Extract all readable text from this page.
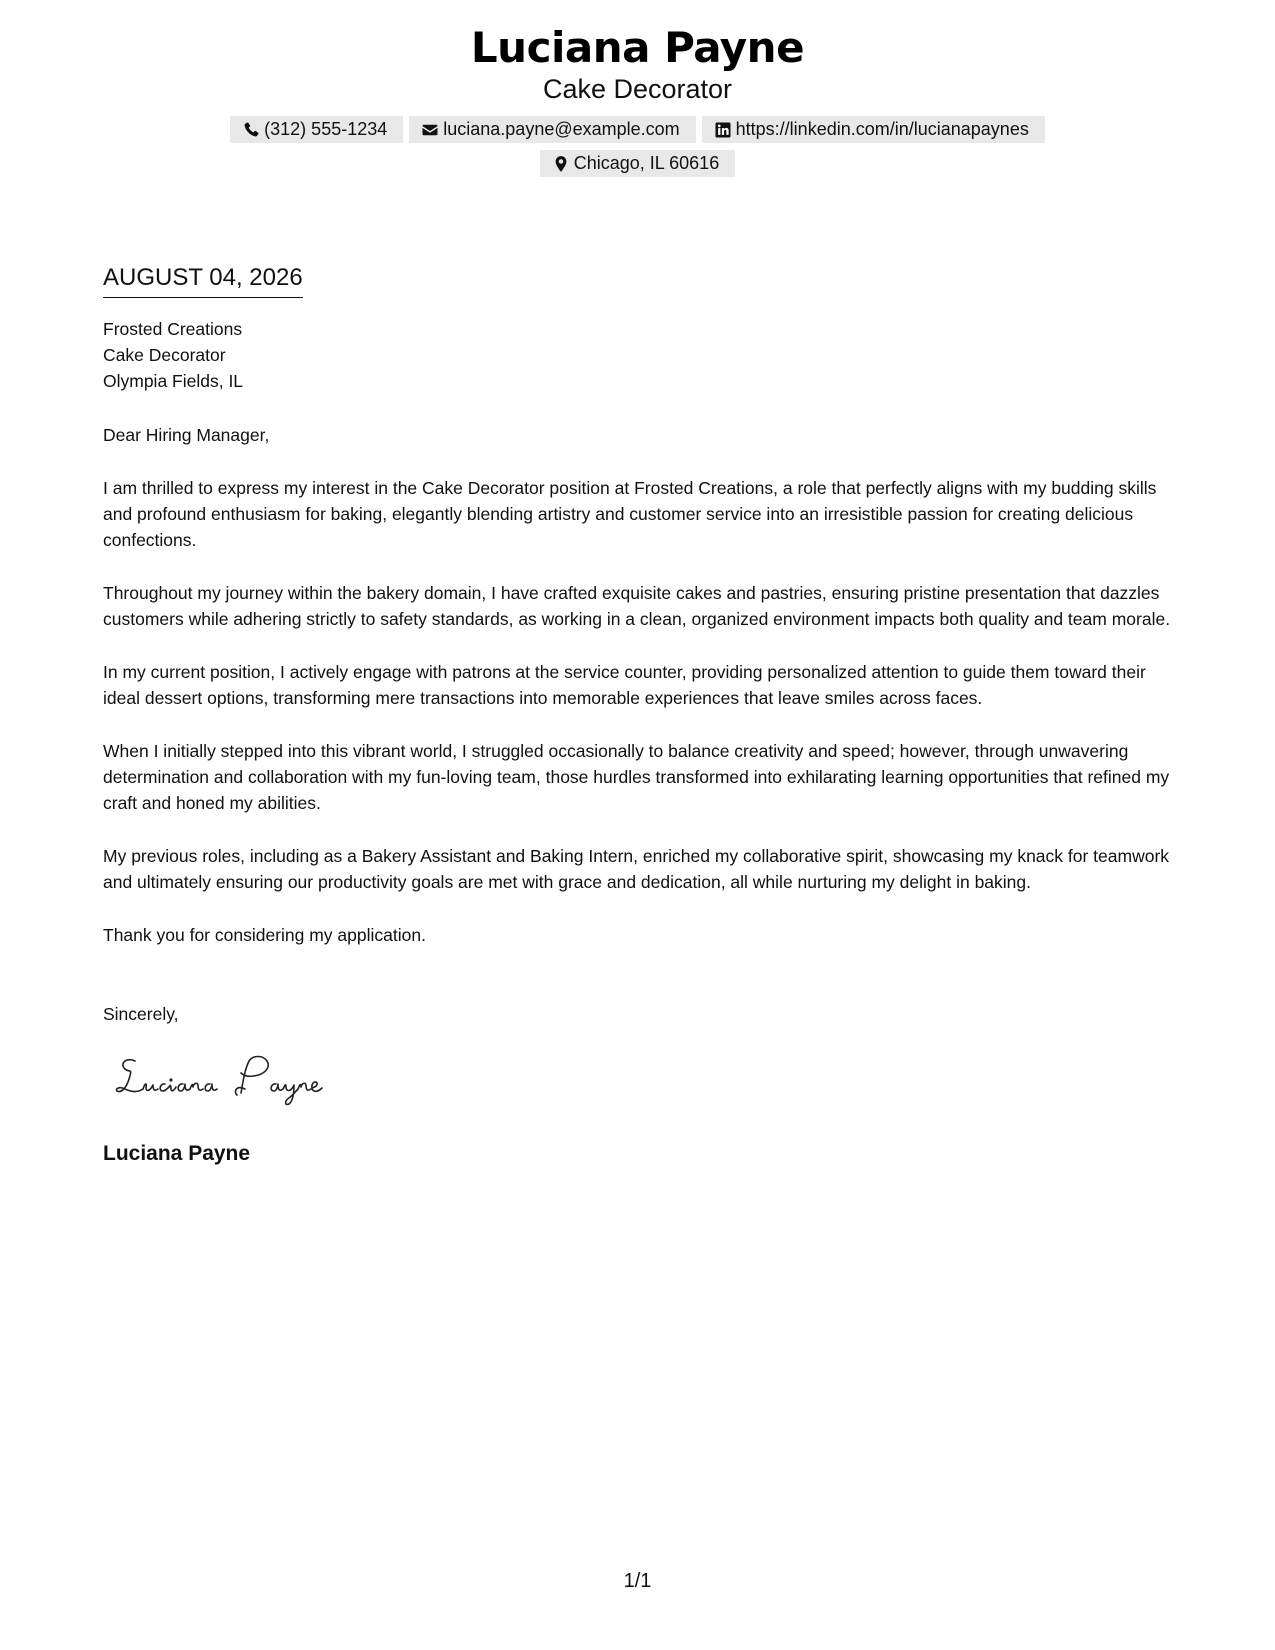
Luciana Payne
Cake Decorator
(312) 555-1234	luciana.payne@example.com	https://linkedin.com/in/lucianapaynes
Chicago, IL 60616
AUGUST 04, 2026
Frosted Creations
Cake Decorator
Olympia Fields, IL
Dear Hiring Manager,
I am thrilled to express my interest in the Cake Decorator position at Frosted Creations, a role that perfectly aligns with my budding skills and profound enthusiasm for baking, elegantly blending artistry and customer service into an irresistible passion for creating delicious confections.
Throughout my journey within the bakery domain, I have crafted exquisite cakes and pastries, ensuring pristine presentation that dazzles customers while adhering strictly to safety standards, as working in a clean, organized environment impacts both quality and team morale.
In my current position, I actively engage with patrons at the service counter, providing personalized attention to guide them toward their ideal dessert options, transforming mere transactions into memorable experiences that leave smiles across faces.
When I initially stepped into this vibrant world, I struggled occasionally to balance creativity and speed; however, through unwavering determination and collaboration with my fun-loving team, those hurdles transformed into exhilarating learning opportunities that refined my craft and honed my abilities.
My previous roles, including as a Bakery Assistant and Baking Intern, enriched my collaborative spirit, showcasing my knack for teamwork and ultimately ensuring our productivity goals are met with grace and dedication, all while nurturing my delight in baking.
Thank you for considering my application.
Sincerely,
Luciana Payne
1/1
